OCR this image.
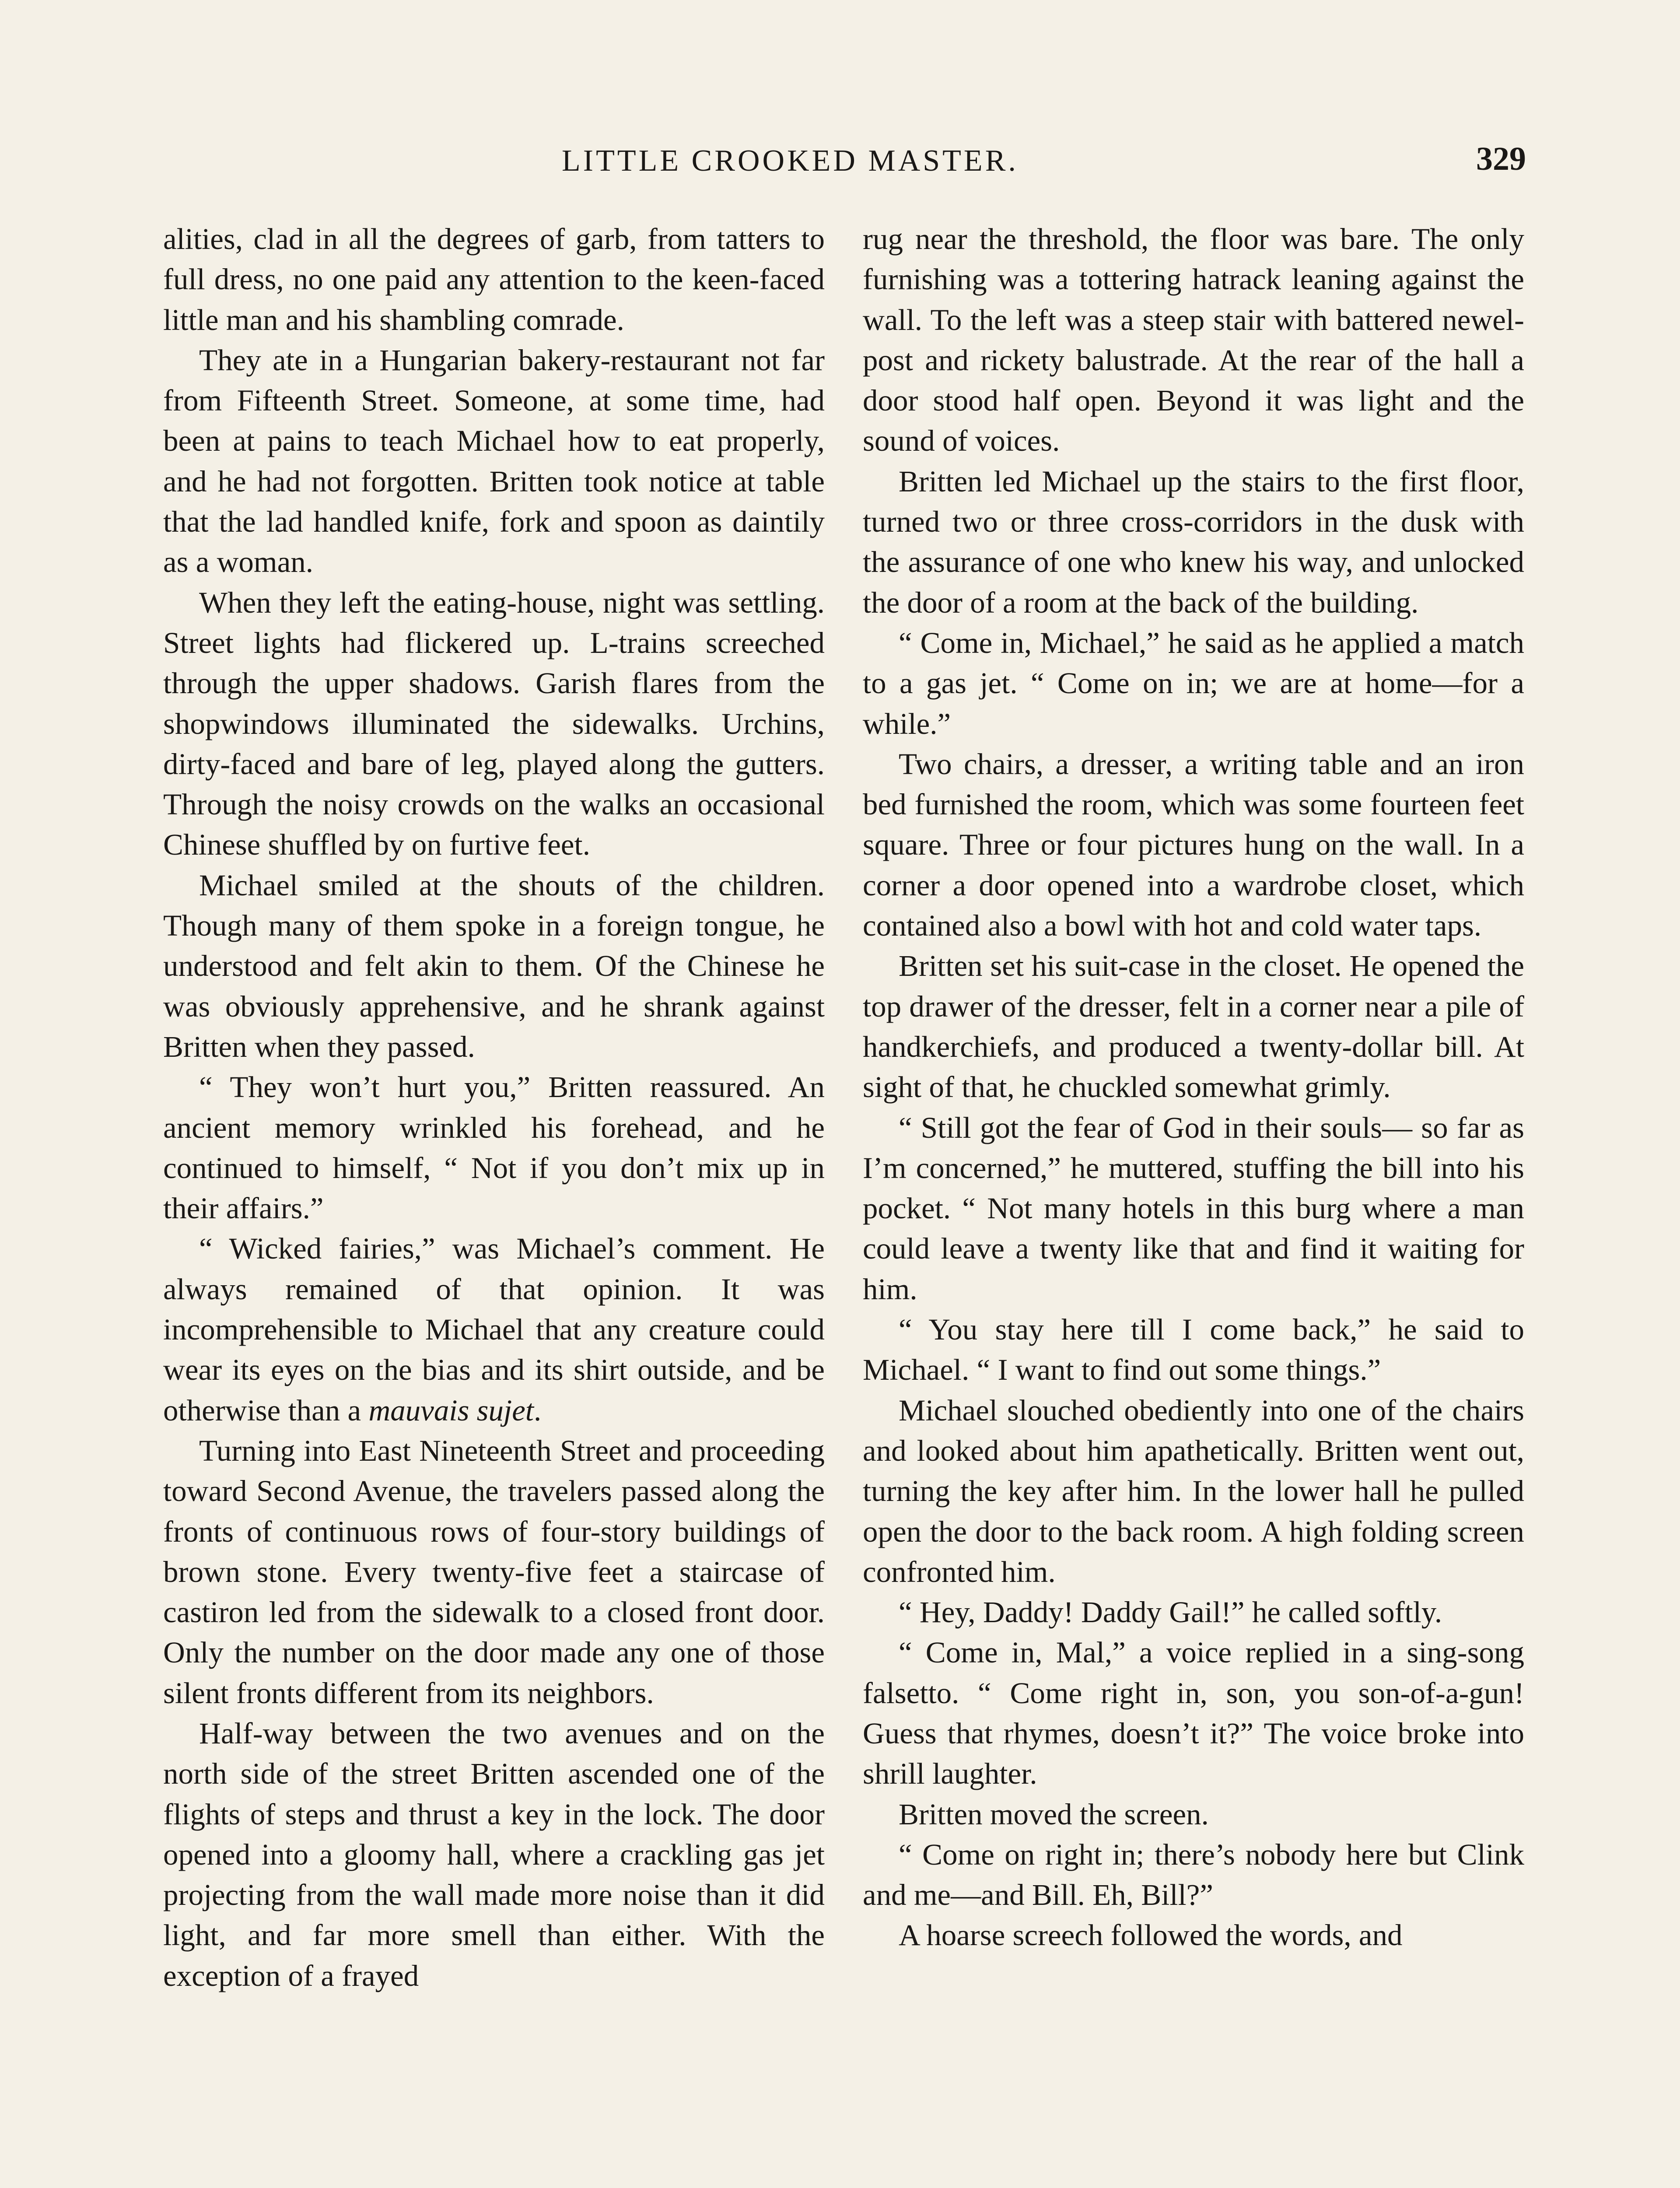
LITTLE CROOKED MASTER.	329

alities, clad in all the degrees of garb, from tatters to full dress, no one paid any attention to the keen-faced little man and his shambling comrade.

They ate in a Hungarian bakery-restaurant not far from Fifteenth Street. Someone, at some time, had been at pains to teach Michael how to eat properly, and he had not forgotten. Britten took notice at table that the lad handled knife, fork and spoon as daintily as a woman.

When they left the eating-house, night was settling. Street lights had flickered up. L-trains screeched through the upper shadows. Garish flares from the shopwindows illuminated the sidewalks. Urchins, dirty-faced and bare of leg, played along the gutters. Through the noisy crowds on the walks an occasional Chinese shuffled by on furtive feet.

Michael smiled at the shouts of the children. Though many of them spoke in a foreign tongue, he understood and felt akin to them. Of the Chinese he was obviously apprehensive, and he shrank against Britten when they passed.

“ They won’t hurt you,” Britten reassured. An ancient memory wrinkled his forehead, and he continued to himself, “ Not if you don’t mix up in their affairs.”

“ Wicked fairies,” was Michael’s comment. He always remained of that opinion. It was incomprehensible to Michael that any creature could wear its eyes on the bias and its shirt outside, and be otherwise than a mauvais sujet.

Turning into East Nineteenth Street and proceeding toward Second Avenue, the travelers passed along the fronts of continuous rows of four-story buildings of brown stone. Every twenty-five feet a staircase of castiron led from the sidewalk to a closed front door. Only the number on the door made any one of those silent fronts different from its neighbors.

Half-way between the two avenues and on the north side of the street Britten ascended one of the flights of steps and thrust a key in the lock. The door opened into a gloomy hall, where a crackling gas jet projecting from the wall made more noise than it did light, and far more smell than either. With the exception of a frayed

rug near the threshold, the floor was bare. The only furnishing was a tottering hatrack leaning against the wall. To the left was a steep stair with battered newel-post and rickety balustrade. At the rear of the hall a door stood half open. Beyond it was light and the sound of voices.

Britten led Michael up the stairs to the first floor, turned two or three cross-corridors in the dusk with the assurance of one who knew his way, and unlocked the door of a room at the back of the building.

“ Come in, Michael,” he said as he applied a match to a gas jet. “ Come on in; we are at home—for a while.”

Two chairs, a dresser, a writing table and an iron bed furnished the room, which was some fourteen feet square. Three or four pictures hung on the wall. In a corner a door opened into a wardrobe closet, which contained also a bowl with hot and cold water taps.

Britten set his suit-case in the closet. He opened the top drawer of the dresser, felt in a corner near a pile of handkerchiefs, and produced a twenty-dollar bill. At sight of that, he chuckled somewhat grimly.

“ Still got the fear of God in their souls— so far as I’m concerned,” he muttered, stuffing the bill into his pocket. “ Not many hotels in this burg where a man could leave a twenty like that and find it waiting for him.

“ You stay here till I come back,” he said to Michael. “ I want to find out some things.”

Michael slouched obediently into one of the chairs and looked about him apathetically. Britten went out, turning the key after him. In the lower hall he pulled open the door to the back room. A high folding screen confronted him.

“ Hey, Daddy! Daddy Gail!” he called softly.

“ Come in, Mal,” a voice replied in a sing-song falsetto. “ Come right in, son, you son-of-a-gun! Guess that rhymes, doesn’t it?” The voice broke into shrill laughter.

Britten moved the screen.

“ Come on right in; there’s nobody here but Clink and me—and Bill. Eh, Bill?”

A hoarse screech followed the words, and
